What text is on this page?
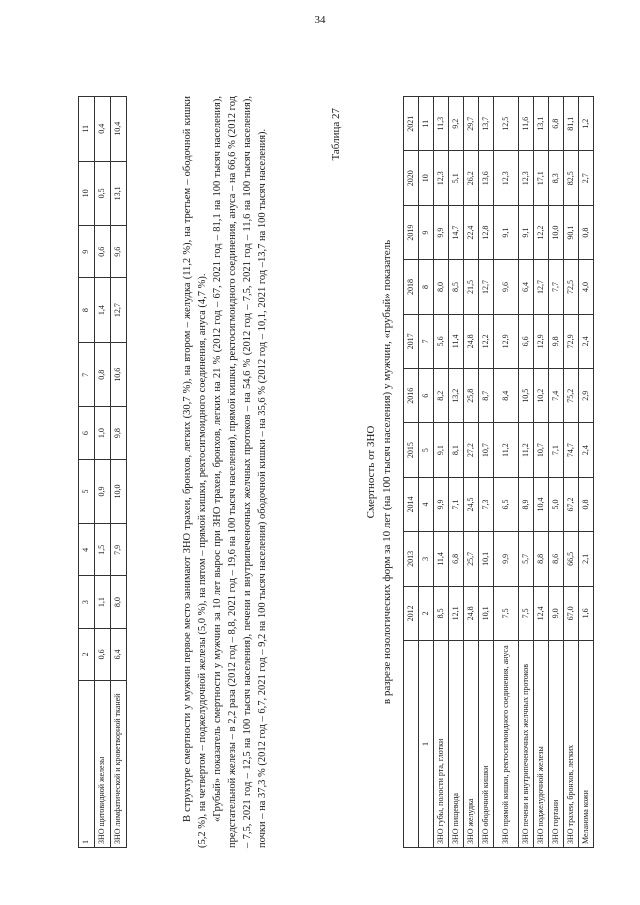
34
1	2	3	4	5	6	7	8	9	10	11
ЗНО щитовидной железы	0,6	1,1	1,5	0,9	1,0	0,8	1,4	0,6	0,5	0,4
ЗНО лимфатической и кроветворной тканей	6,4	8,0	7,9	10,0	9,8	10,6	12,7	9,6	13,1	10,4	В структуре смертности у мужчин первое место занимают ЗНО трахеи, бронхов, легких (30,7 %), на втором – желудка (11,2 %), на третьем – ободочной кишки (5,2 %), на четвертом – поджелудочной железы (5,0 %), на пятом – прямой кишки, ректосигмоидного соединения, ануса (4,7 %). «Грубый» показатель смертности у мужчин за 10 лет вырос при ЗНО трахеи, бронхов, легких на 21 % (2012 год – 67, 2021 год – 81,1 на 100 тысяч населения), предстательной железы – в 2,2 раза (2012 год – 8,8, 2021 год – 19,6 на 100 тысяч населения), прямой кишки, ректосигмоидного соединения, ануса – на 66,6 % (2012 год – 7,5, 2021 год – 12,5 на 100 тысяч населения), печени и внутрипеченочных желчных протоков – на 54,6 % (2012 год – 7,5, 2021 год – 11,6 на 100 тысяч населения), почки – на 37,3 % (2012 год – 6,7, 2021 год – 9,2 на 100 тысяч населения) ободочной кишки – на 35,6 % (2012 год – 10,1, 2021 год –13,7 на 100 тысяч населения).	Таблица 27
Смертность от ЗНО в разрезе нозологических форм за 10 лет (на 100 тысяч населения) у мужчин, «грубый» показатель
	2012	2013	2014	2015	2016	2017	2018	2019	2020	2021
1	2	3	4	5	6	7	8	9	10	11
ЗНО губы, полости рта, глотки	8,5	11,4	9,9	9,1	8,2	5,6	8,0	9,9	12,3	11,3
ЗНО пищевода	12,1	6,8	7,1	8,1	13,2	11,4	8,5	14,7	5,1	9,2
ЗНО желудка	24,8	25,7	24,5	27,2	25,8	24,8	21,5	22,4	26,2	29,7
ЗНО ободочной кишки	10,1	10,1	7,3	10,7	8,7	12,2	12,7	12,8	13,6	13,7
ЗНО прямой кишки, ректосигмоидного соединения, ануса	7,5	9,9	6,5	11,2	8,4	12,9	9,6	9,1	12,3	12,5
ЗНО печени и внутрипеченочных желчных протоков	7,5	5,7	8,9	11,2	10,5	6,6	6,4	9,1	12,3	11,6
ЗНО поджелудочной железы	12,4	8,8	10,4	10,7	10,2	12,9	12,7	12,2	17,1	13,1
ЗНО гортани	9,0	8,6	5,0	7,1	7,4	9,8	7,7	10,0	8,3	6,8
ЗНО трахеи, бронхов, легких	67,0	66,5	67,2	74,7	75,2	72,9	72,5	90,1	82,5	81,1
Меланома кожи	1,6	2,1	0,8	2,4	2,9	2,4	4,0	0,8	2,7	1,2
